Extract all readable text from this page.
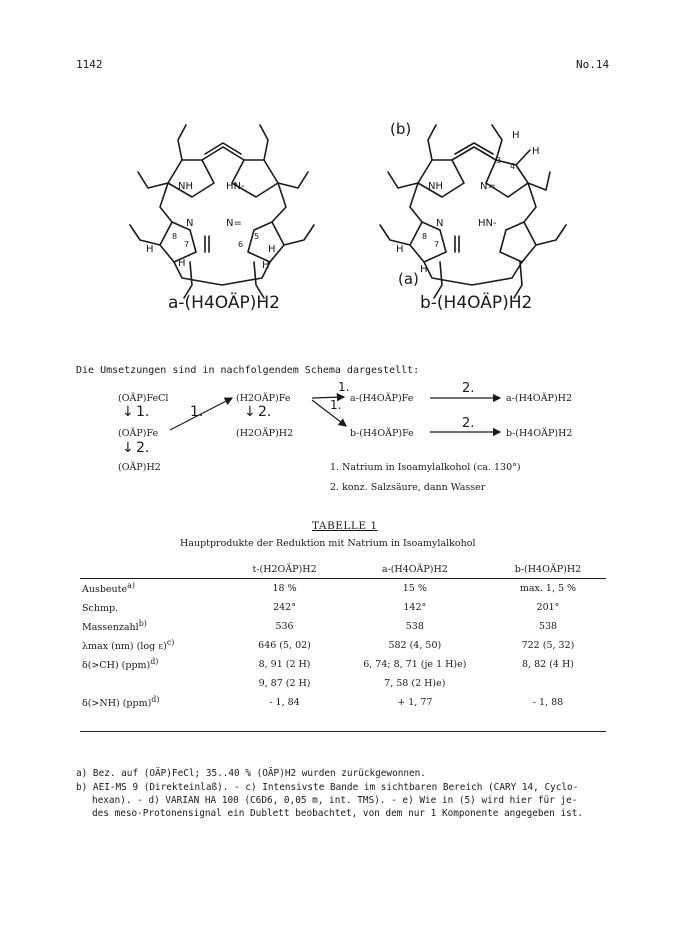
1142	No.14
NH	HN-
N	N=
H	H
H	H
8
7	6
5
a-(H4OÄP)H2
(b)	H
H
3
4
NH	N=
N	HN-
H
H
8
7
(a)
b-(H4OÄP)H2
Die Umsetzungen sind in nachfolgendem Schema dargestellt:
(OÄP)FeCl
↓ 1.	1.
(OÄP)Fe
↓ 2.
(OÄP)H2
(H2OÄP)Fe
↓ 2.
(H2OÄP)H2
a-(H4OÄP)Fe	a-(H4OÄP)H2
b-(H4OÄP)Fe	b-(H4OÄP)H2
1.
1.
2.
2.
1. Natrium in Isoamylalkohol (ca. 130°)
2. konz. Salzsäure, dann Wasser
TABELLE 1
Hauptprodukte der Reduktion mit Natrium in Isoamylalkohol
	t-(H2OÄP)H2	a-(H4OÄP)H2	b-(H4OÄP)H2
Ausbeute$^{a)}$	18 %	15 %	max. 1, 5 %
Schmp.	242°	142°	201°
Massenzahl$^{b)}$	536	538	538
λmax (nm) (log ε)$^{c)}$	646 (5, 02)	582 (4, 50)	722 (5, 32)
δ(>CH) (ppm)$^{d)}$	8, 91 (2 H)	6, 74; 8, 71 (je 1 H)e)	8, 82 (4 H)
	9, 87 (2 H)	7, 58 (2 H)e)	
δ(>NH) (ppm)$^{d)}$	- 1, 84	+ 1, 77	- 1, 88
a) Bez. auf (OÄP)FeCl; 35..40 % (OÄP)H2 wurden zurückgewonnen.
b) AEI-MS 9 (Direkteinlaß). - c) Intensivste Bande im sichtbaren Bereich (CARY 14, Cyclo-
hexan). - d) VARIAN HA 100 (C6D6, 0,05 m, int. TMS). - e) Wie in (5) wird hier für je-
des meso-Protonensignal ein Dublett beobachtet, von dem nur 1 Komponente angegeben ist.
